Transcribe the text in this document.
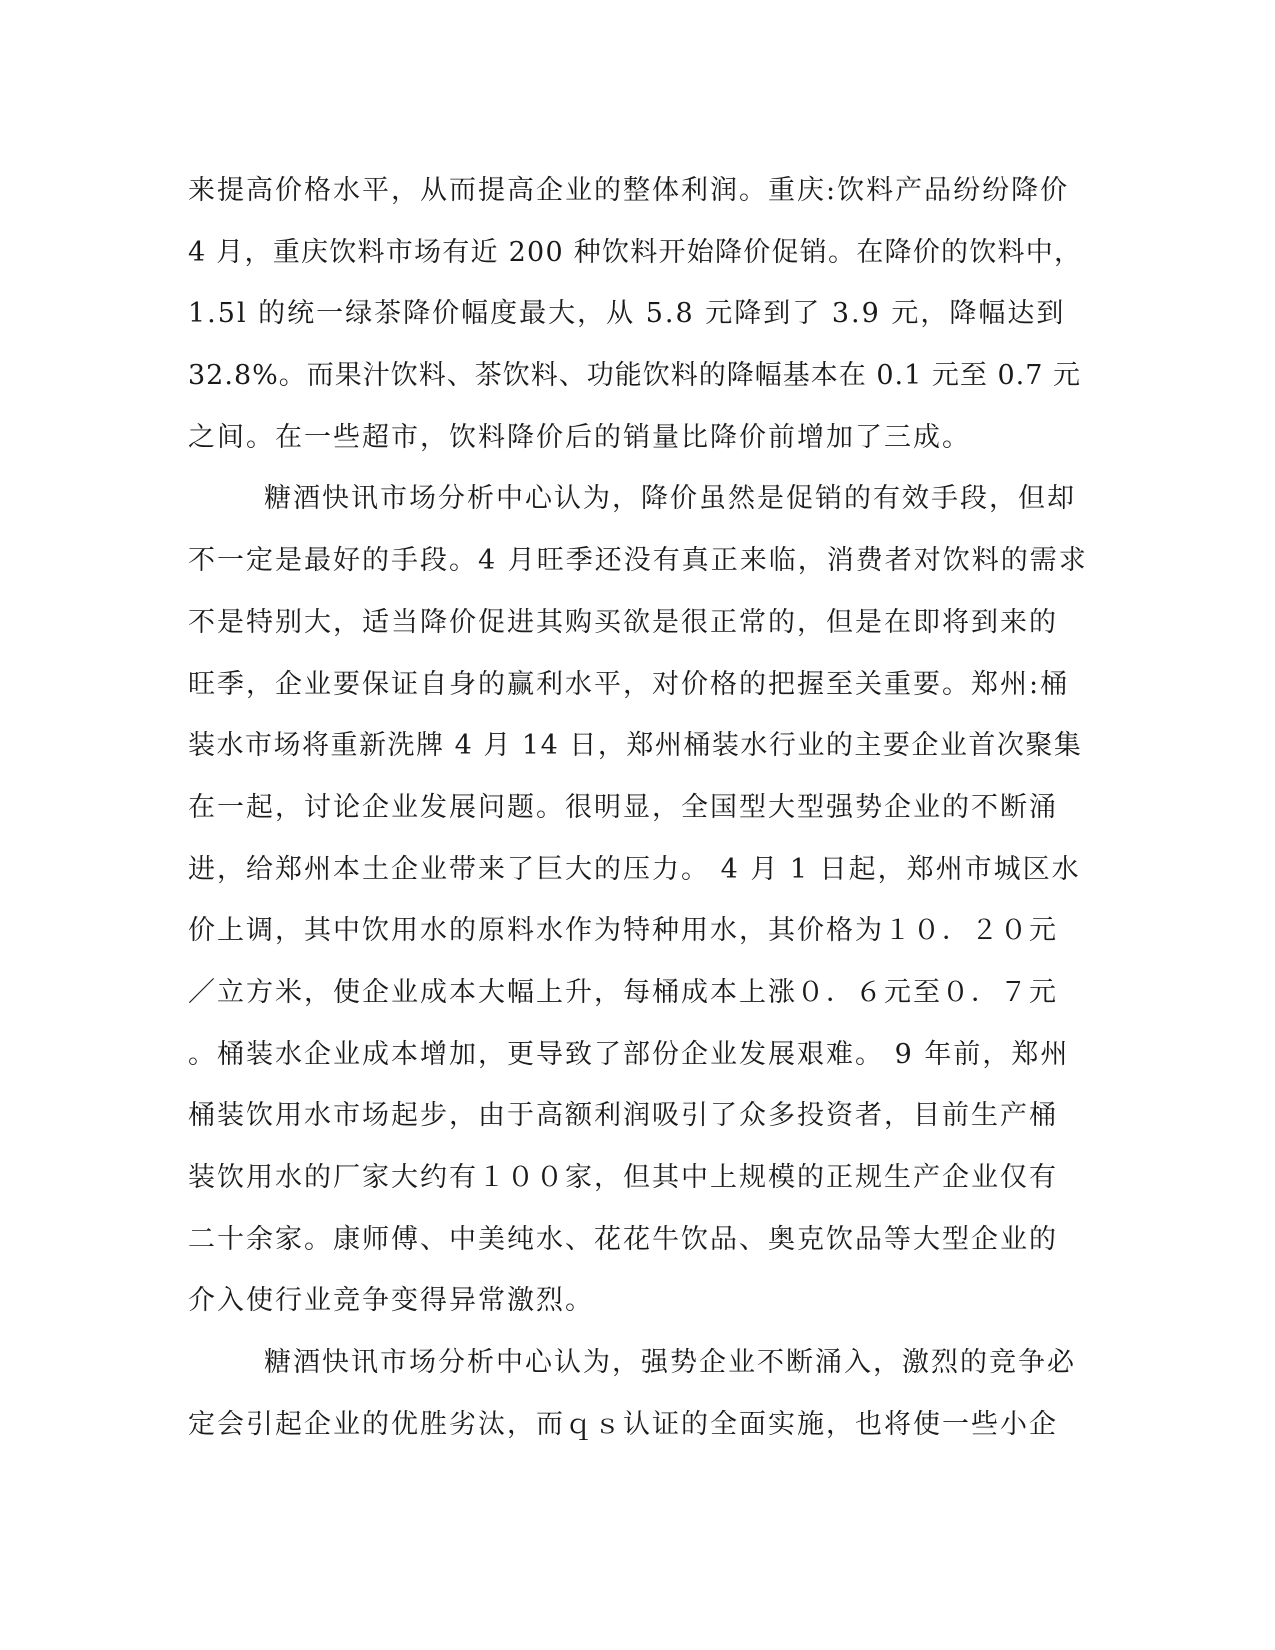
来提高价格水平，从而提高企业的整体利润。重庆:饮料产品纷纷降价
4 月，重庆饮料市场有近 200 种饮料开始降价促销。在降价的饮料中，
1.5l 的统一绿茶降价幅度最大，从 5.8 元降到了 3.9 元，降幅达到
32.8%。而果汁饮料、茶饮料、功能饮料的降幅基本在 0.1 元至 0.7 元
之间。在一些超市，饮料降价后的销量比降价前增加了三成。
糖酒快讯市场分析中心认为，降价虽然是促销的有效手段，但却
不一定是最好的手段。4 月旺季还没有真正来临，消费者对饮料的需求
不是特别大，适当降价促进其购买欲是很正常的，但是在即将到来的
旺季，企业要保证自身的赢利水平，对价格的把握至关重要。郑州:桶
装水市场将重新洗牌 4 月 14 日，郑州桶装水行业的主要企业首次聚集
在一起，讨论企业发展问题。很明显，全国型大型强势企业的不断涌
进，给郑州本土企业带来了巨大的压力。 4 月 1 日起，郑州市城区水
价上调，其中饮用水的原料水作为特种用水，其价格为１０．２０元
／立方米，使企业成本大幅上升，每桶成本上涨０．６元至０．７元
。桶装水企业成本增加，更导致了部份企业发展艰难。 9 年前，郑州
桶装饮用水市场起步，由于高额利润吸引了众多投资者，目前生产桶
装饮用水的厂家大约有１００家，但其中上规模的正规生产企业仅有
二十余家。康师傅、中美纯水、花花牛饮品、奥克饮品等大型企业的
介入使行业竞争变得异常激烈。
糖酒快讯市场分析中心认为，强势企业不断涌入，激烈的竞争必
定会引起企业的优胜劣汰，而ｑｓ认证的全面实施，也将使一些小企
